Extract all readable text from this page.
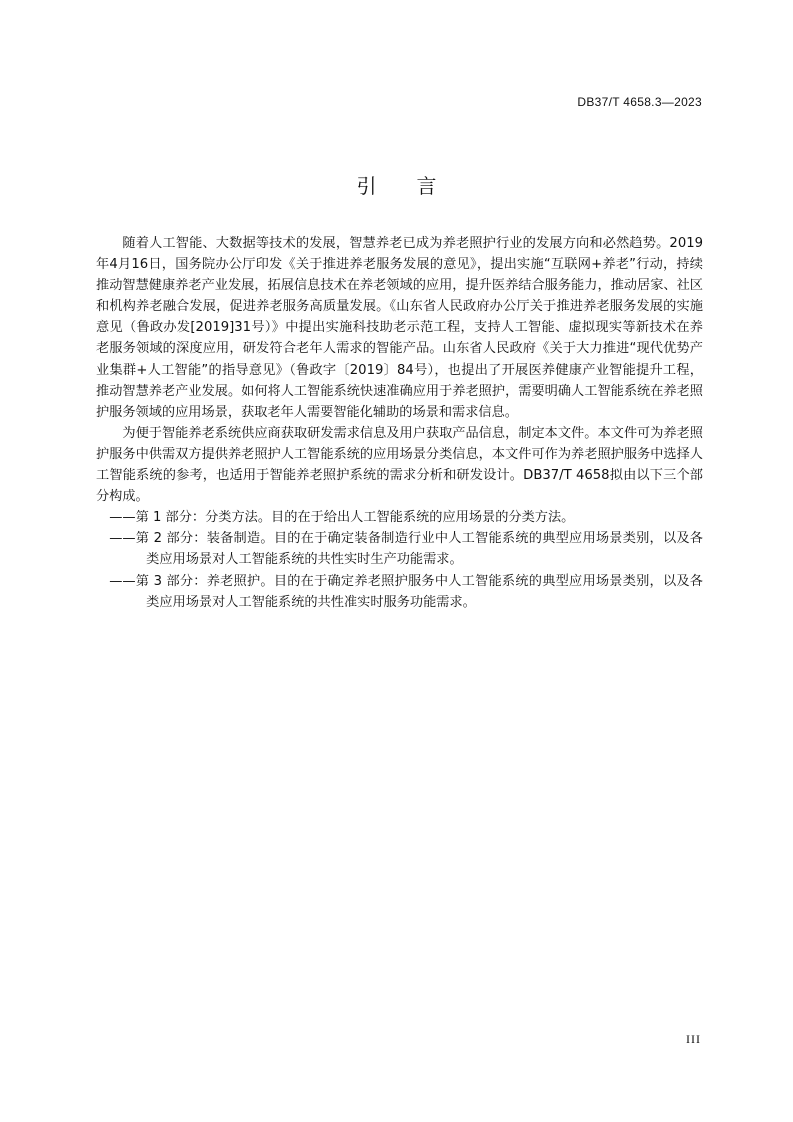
DB37/T 4658.3—2023
引言

随着人工智能、大数据等技术的发展，智慧养老已成为养老照护行业的发展方向和必然趋势。2019年4月16日，国务院办公厅印发《关于推进养老服务发展的意见》，提出实施“互联网+养老”行动，持续推动智慧健康养老产业发展，拓展信息技术在养老领域的应用，提升医养结合服务能力，推动居家、社区和机构养老融合发展，促进养老服务高质量发展。《山东省人民政府办公厅关于推进养老服务发展的实施意见（鲁政办发[2019]31号）》中提出实施科技助老示范工程，支持人工智能、虚拟现实等新技术在养老服务领域的深度应用，研发符合老年人需求的智能产品。山东省人民政府《关于大力推进“现代优势产业集群+人工智能”的指导意见》（鲁政字〔2019〕84号），也提出了开展医养健康产业智能提升工程，推动智慧养老产业发展。如何将人工智能系统快速准确应用于养老照护，需要明确人工智能系统在养老照护服务领域的应用场景，获取老年人需要智能化辅助的场景和需求信息。

为便于智能养老系统供应商获取研发需求信息及用户获取产品信息，制定本文件。本文件可为养老照护服务中供需双方提供养老照护人工智能系统的应用场景分类信息，本文件可作为养老照护服务中选择人工智能系统的参考，也适用于智能养老照护系统的需求分析和研发设计。DB37/T 4658拟由以下三个部分构成。

——第 1 部分：分类方法。目的在于给出人工智能系统的应用场景的分类方法。

——第 2 部分：装备制造。目的在于确定装备制造行业中人工智能系统的典型应用场景类别，以及各类应用场景对人工智能系统的共性实时生产功能需求。

——第 3 部分：养老照护。目的在于确定养老照护服务中人工智能系统的典型应用场景类别，以及各类应用场景对人工智能系统的共性准实时服务功能需求。

III
